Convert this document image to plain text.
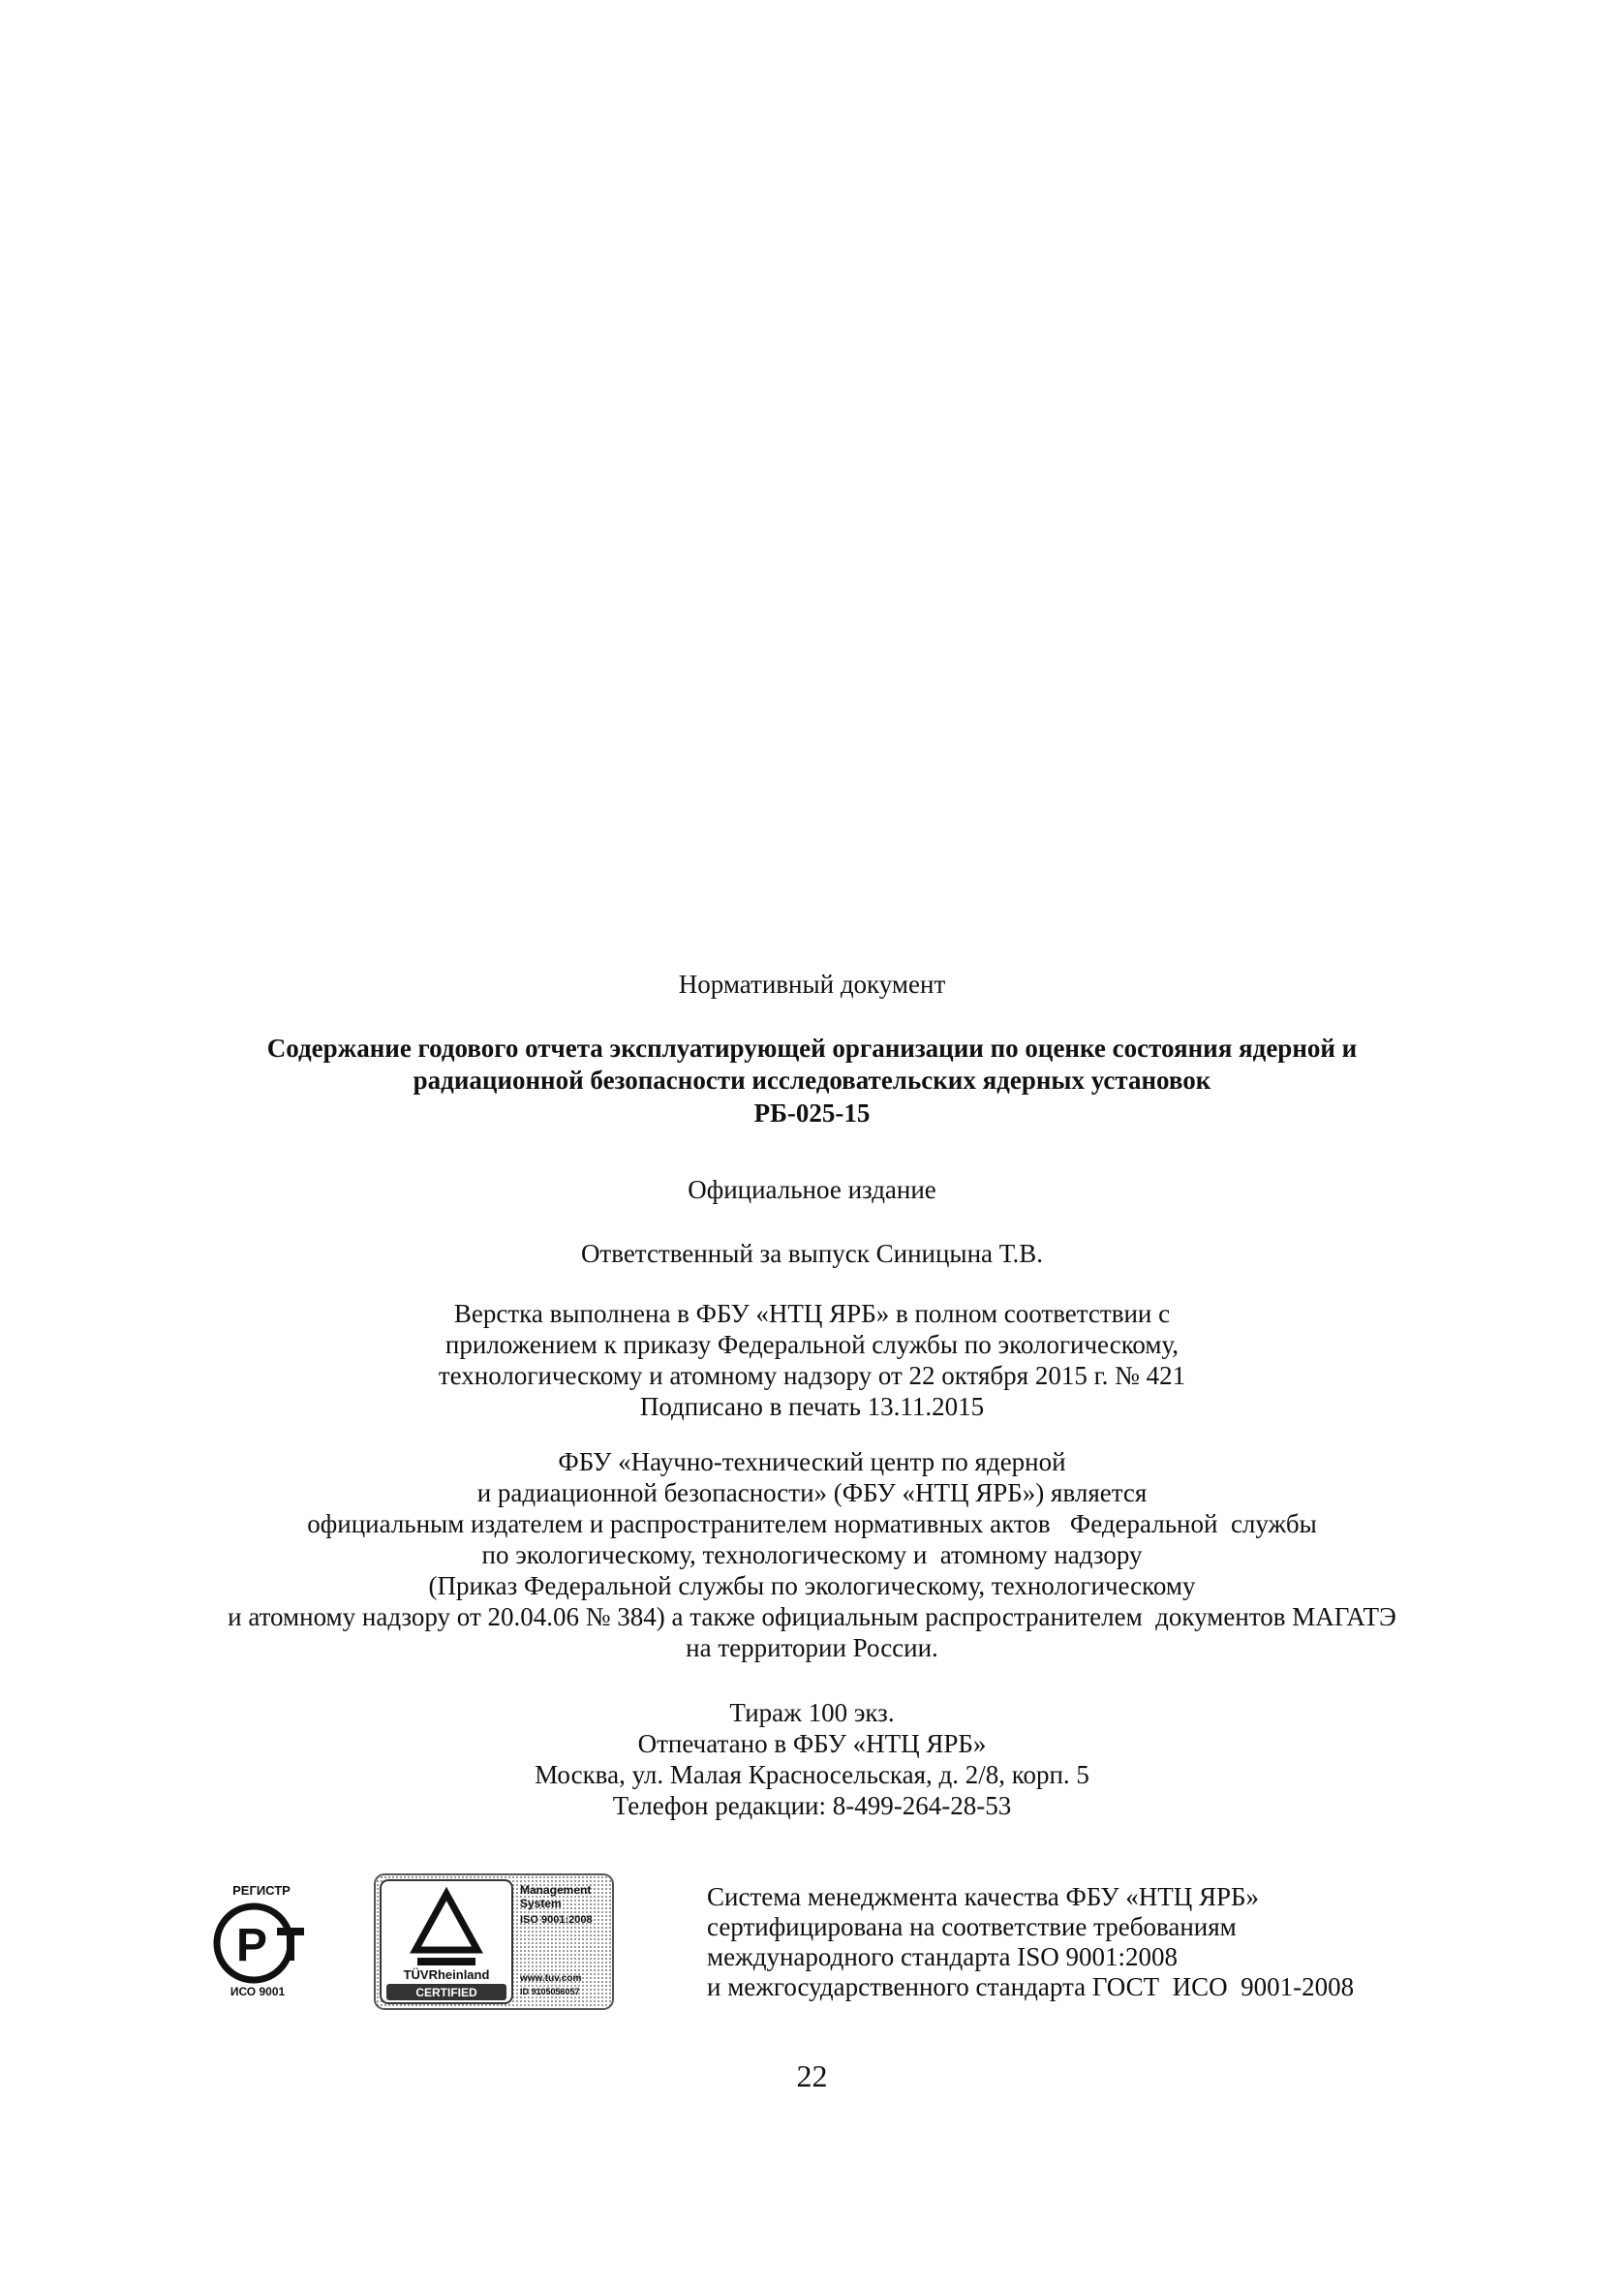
Нормативный документ
Содержание годового отчета эксплуатирующей организации по оценке состояния ядерной и
радиационной безопасности исследовательских ядерных установок
РБ-025-15
Официальное издание
Ответственный за выпуск Синицына Т.В.
Верстка выполнена в ФБУ «НТЦ ЯРБ» в полном соответствии с
приложением к приказу Федеральной службы по экологическому,
технологическому и атомному надзору от 22 октября 2015 г. № 421
Подписано в печать 13.11.2015
ФБУ «Научно-технический центр по ядерной
и радиационной безопасности» (ФБУ «НТЦ ЯРБ») является
официальным издателем и распространителем нормативных актов   Федеральной  службы
по экологическому, технологическому и  атомному надзору
(Приказ Федеральной службы по экологическому, технологическому
и атомному надзору от 20.04.06 № 384) а также официальным распространителем  документов МАГАТЭ
на территории России.
Тираж 100 экз.
Отпечатано в ФБУ «НТЦ ЯРБ»
Москва, ул. Малая Красносельская, д. 2/8, корп. 5
Телефон редакции: 8-499-264-28-53
РЕГИСТР
Р
ИСО 9001
TÜVRheinland
CERTIFIED
Management
System
ISO 9001:2008
www.tuv.com
ID 9105056057
Система менеджмента качества ФБУ «НТЦ ЯРБ»
сертифицирована на соответствие требованиям
международного стандарта ISO 9001:2008
и межгосударственного стандарта ГОСТ  ИСО  9001-2008
22
